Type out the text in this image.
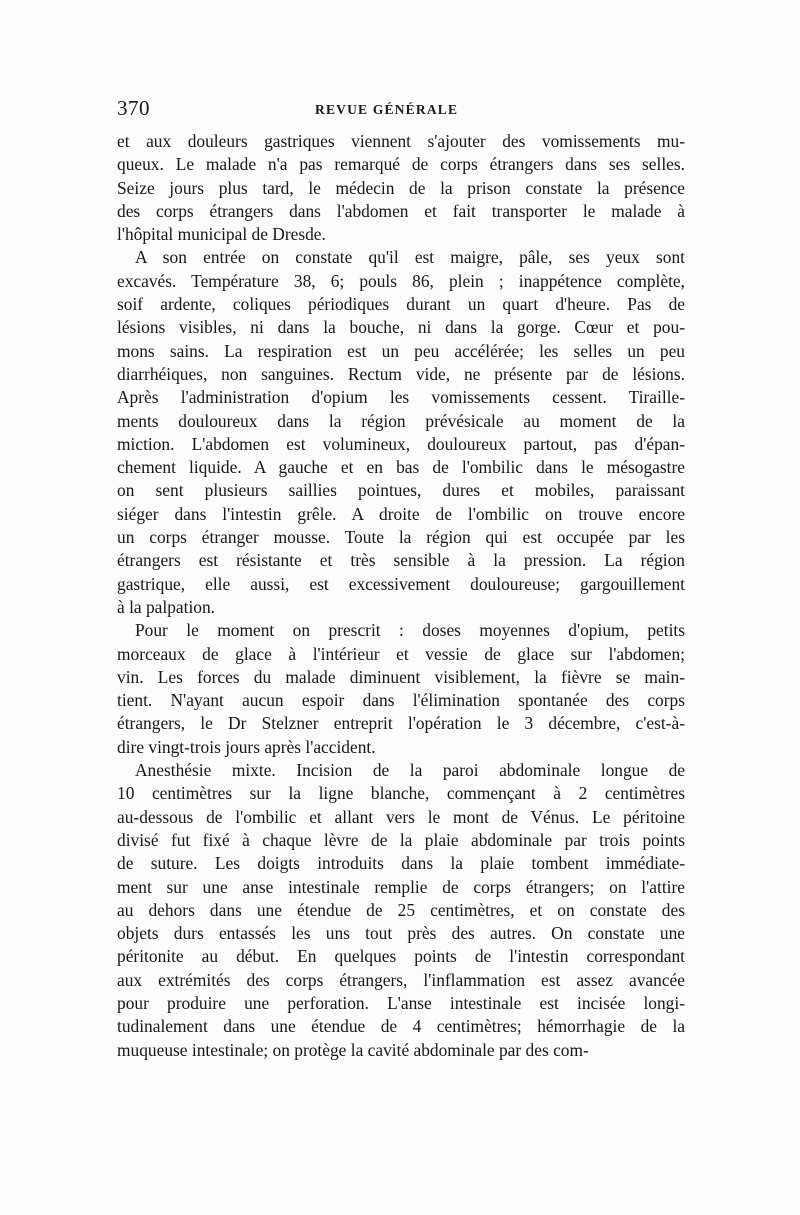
370	REVUE GÉNÉRALE
et aux douleurs gastriques viennent s'ajouter des vomissements mu-
queux. Le malade n'a pas remarqué de corps étrangers dans ses selles.
Seize jours plus tard, le médecin de la prison constate la présence
des corps étrangers dans l'abdomen et fait transporter le malade à
l'hôpital municipal de Dresde.
A son entrée on constate qu'il est maigre, pâle, ses yeux sont
excavés. Température 38, 6; pouls 86, plein ; inappétence complète,
soif ardente, coliques périodiques durant un quart d'heure. Pas de
lésions visibles, ni dans la bouche, ni dans la gorge. Cœur et pou-
mons sains. La respiration est un peu accélérée; les selles un peu
diarrhéiques, non sanguines. Rectum vide, ne présente par de lésions.
Après l'administration d'opium les vomissements cessent. Tiraille-
ments douloureux dans la région prévésicale au moment de la
miction. L'abdomen est volumineux, douloureux partout, pas d'épan-
chement liquide. A gauche et en bas de l'ombilic dans le mésogastre
on sent plusieurs saillies pointues, dures et mobiles, paraissant
siéger dans l'intestin grêle. A droite de l'ombilic on trouve encore
un corps étranger mousse. Toute la région qui est occupée par les
étrangers est résistante et très sensible à la pression. La région
gastrique, elle aussi, est excessivement douloureuse; gargouillement
à la palpation.
Pour le moment on prescrit : doses moyennes d'opium, petits
morceaux de glace à l'intérieur et vessie de glace sur l'abdomen;
vin. Les forces du malade diminuent visiblement, la fièvre se main-
tient. N'ayant aucun espoir dans l'élimination spontanée des corps
étrangers, le Dr Stelzner entreprit l'opération le 3 décembre, c'est-à-
dire vingt-trois jours après l'accident.
Anesthésie mixte. Incision de la paroi abdominale longue de
10 centimètres sur la ligne blanche, commençant à 2 centimètres
au-dessous de l'ombilic et allant vers le mont de Vénus. Le péritoine
divisé fut fixé à chaque lèvre de la plaie abdominale par trois points
de suture. Les doigts introduits dans la plaie tombent immédiate-
ment sur une anse intestinale remplie de corps étrangers; on l'attire
au dehors dans une étendue de 25 centimètres, et on constate des
objets durs entassés les uns tout près des autres. On constate une
péritonite au début. En quelques points de l'intestin correspondant
aux extrémités des corps étrangers, l'inflammation est assez avancée
pour produire une perforation. L'anse intestinale est incisée longi-
tudinalement dans une étendue de 4 centimètres; hémorrhagie de la
muqueuse intestinale; on protège la cavité abdominale par des com-
